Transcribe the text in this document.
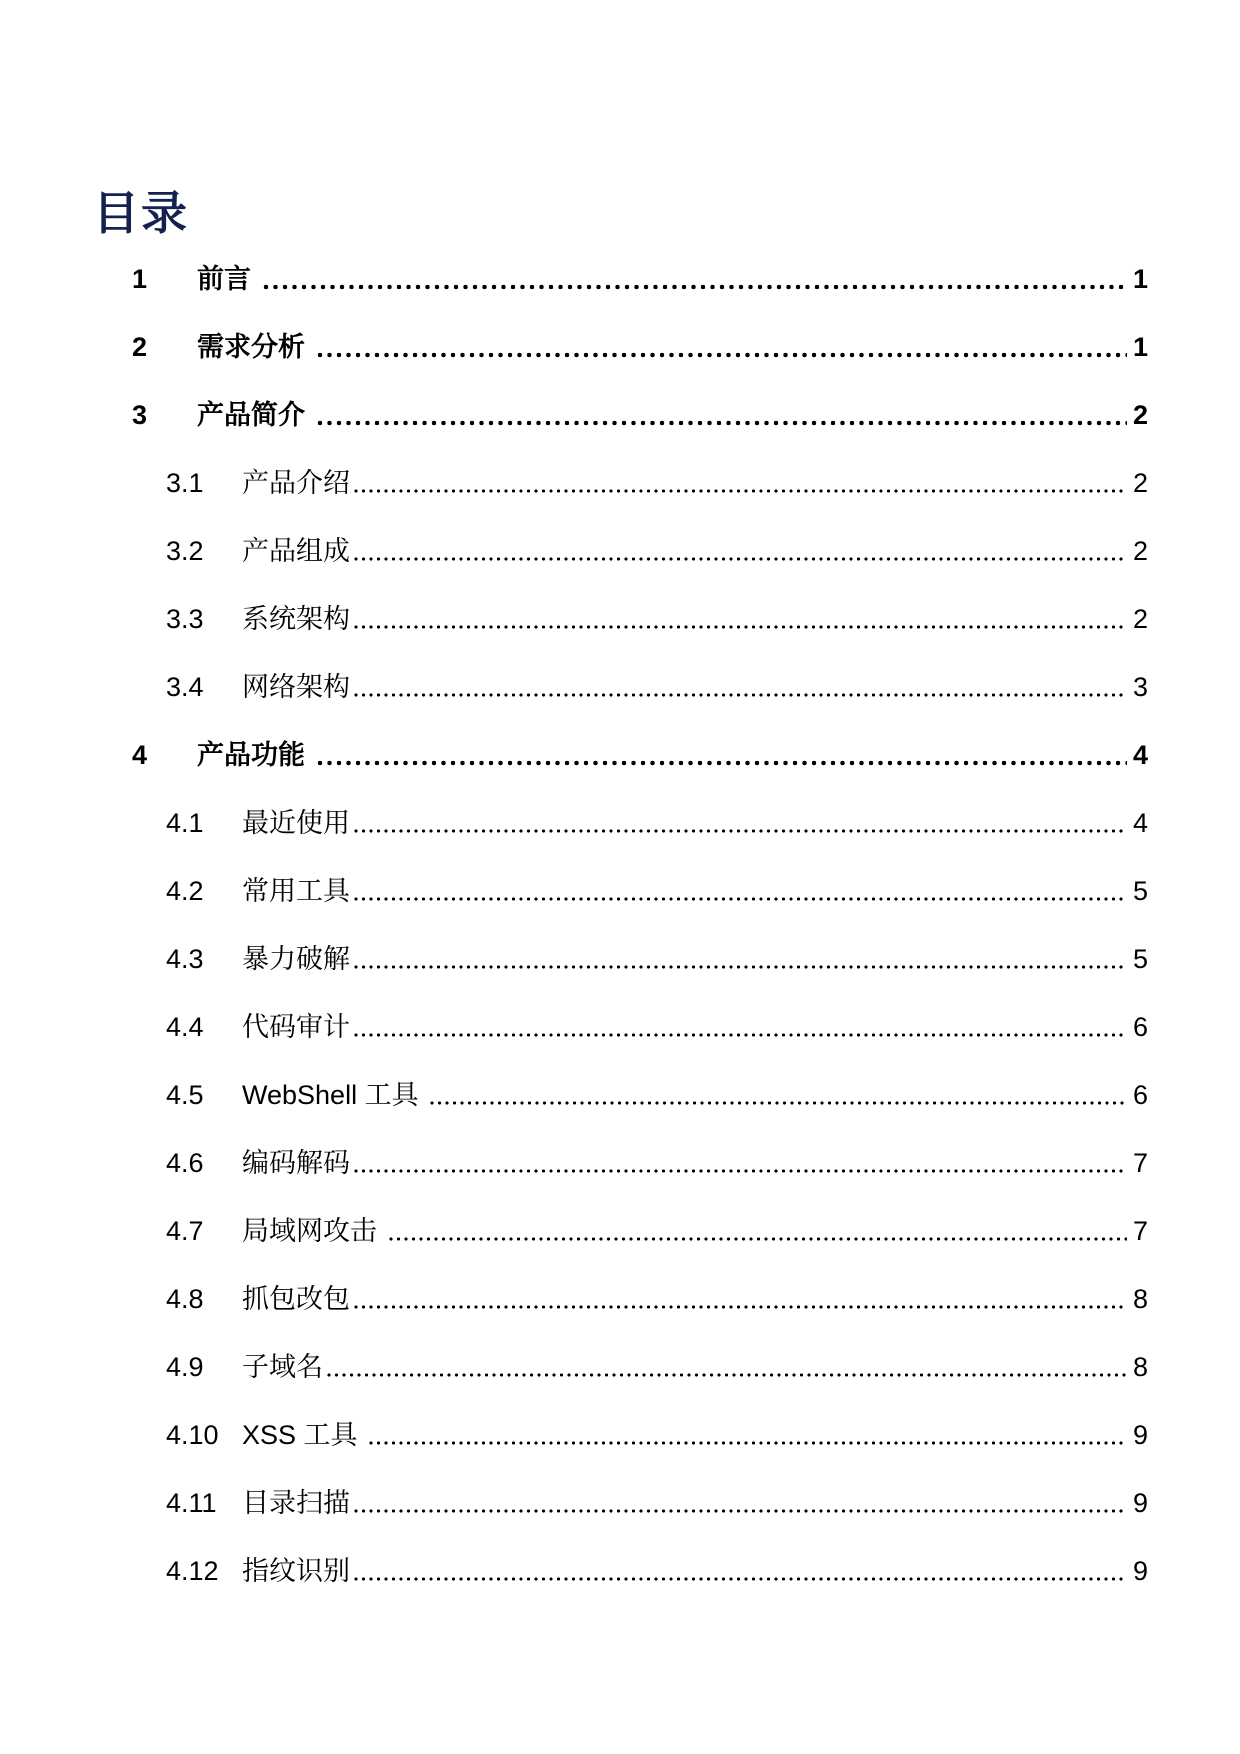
目录
1	前言	1
2	需求分析	1
3	产品简介	2
3.1	产品介绍	2
3.2	产品组成	2
3.3	系统架构	2
3.4	网络架构	3
4	产品功能	4
4.1	最近使用	4
4.2	常用工具	5
4.3	暴力破解	5
4.4	代码审计	6
4.5	WebShell 工具	6
4.6	编码解码	7
4.7	局域网攻击	7
4.8	抓包改包	8
4.9	子域名	8
4.10 XSS 工具	9
4.11 目录扫描	9
4.12 指纹识别	9
